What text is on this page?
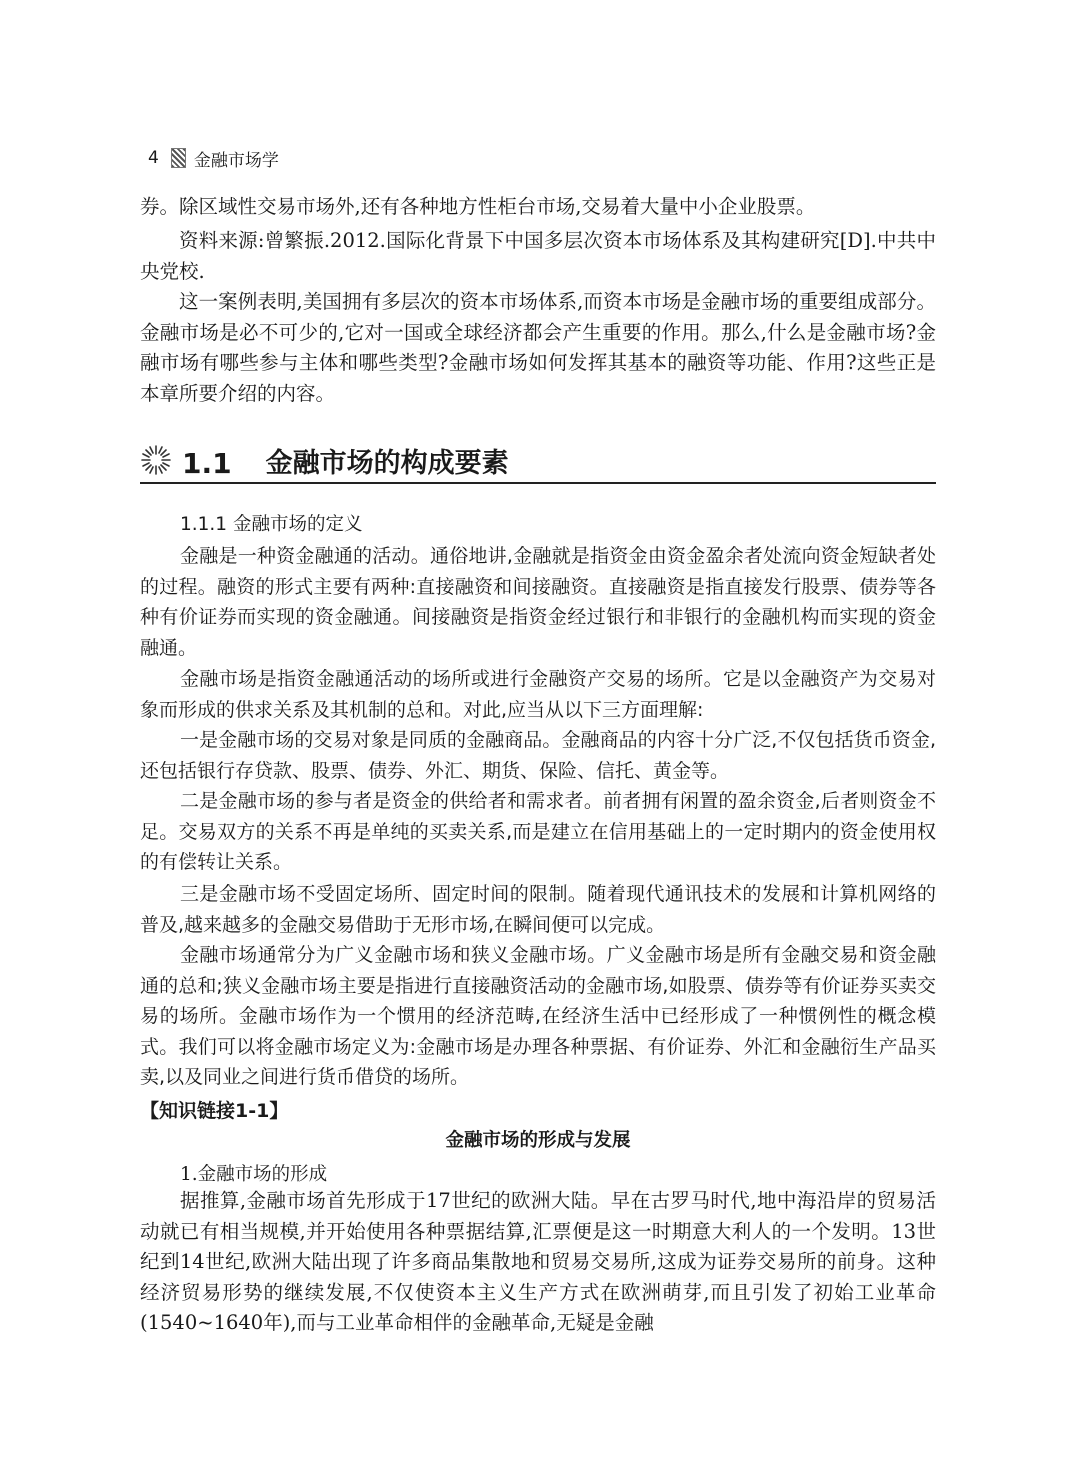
4 金融市场学

券。除区域性交易市场外,还有各种地方性柜台市场,交易着大量中小企业股票。

资料来源:曾繁振.2012.国际化背景下中国多层次资本市场体系及其构建研究[D].中共中央党校.

这一案例表明,美国拥有多层次的资本市场体系,而资本市场是金融市场的重要组成部分。金融市场是必不可少的,它对一国或全球经济都会产生重要的作用。那么,什么是金融市场?金融市场有哪些参与主体和哪些类型?金融市场如何发挥其基本的融资等功能、作用?这些正是本章所要介绍的内容。

1.1 金融市场的构成要素
1.1.1 金融市场的定义

金融是一种资金融通的活动。通俗地讲,金融就是指资金由资金盈余者处流向资金短缺者处的过程。融资的形式主要有两种:直接融资和间接融资。直接融资是指直接发行股票、债券等各种有价证券而实现的资金融通。间接融资是指资金经过银行和非银行的金融机构而实现的资金融通。

金融市场是指资金融通活动的场所或进行金融资产交易的场所。它是以金融资产为交易对象而形成的供求关系及其机制的总和。对此,应当从以下三方面理解:

一是金融市场的交易对象是同质的金融商品。金融商品的内容十分广泛,不仅包括货币资金,还包括银行存贷款、股票、债券、外汇、期货、保险、信托、黄金等。

二是金融市场的参与者是资金的供给者和需求者。前者拥有闲置的盈余资金,后者则资金不足。交易双方的关系不再是单纯的买卖关系,而是建立在信用基础上的一定时期内的资金使用权的有偿转让关系。

三是金融市场不受固定场所、固定时间的限制。随着现代通讯技术的发展和计算机网络的普及,越来越多的金融交易借助于无形市场,在瞬间便可以完成。

金融市场通常分为广义金融市场和狭义金融市场。广义金融市场是所有金融交易和资金融通的总和;狭义金融市场主要是指进行直接融资活动的金融市场,如股票、债券等有价证券买卖交易的场所。金融市场作为一个惯用的经济范畴,在经济生活中已经形成了一种惯例性的概念模式。我们可以将金融市场定义为:金融市场是办理各种票据、有价证券、外汇和金融衍生产品买卖,以及同业之间进行货币借贷的场所。

【知识链接1-1】
金融市场的形成与发展
1.金融市场的形成

据推算,金融市场首先形成于17世纪的欧洲大陆。早在古罗马时代,地中海沿岸的贸易活动就已有相当规模,并开始使用各种票据结算,汇票便是这一时期意大利人的一个发明。13世纪到14世纪,欧洲大陆出现了许多商品集散地和贸易交易所,这成为证券交易所的前身。这种经济贸易形势的继续发展,不仅使资本主义生产方式在欧洲萌芽,而且引发了初始工业革命(1540~1640年),而与工业革命相伴的金融革命,无疑是金融
